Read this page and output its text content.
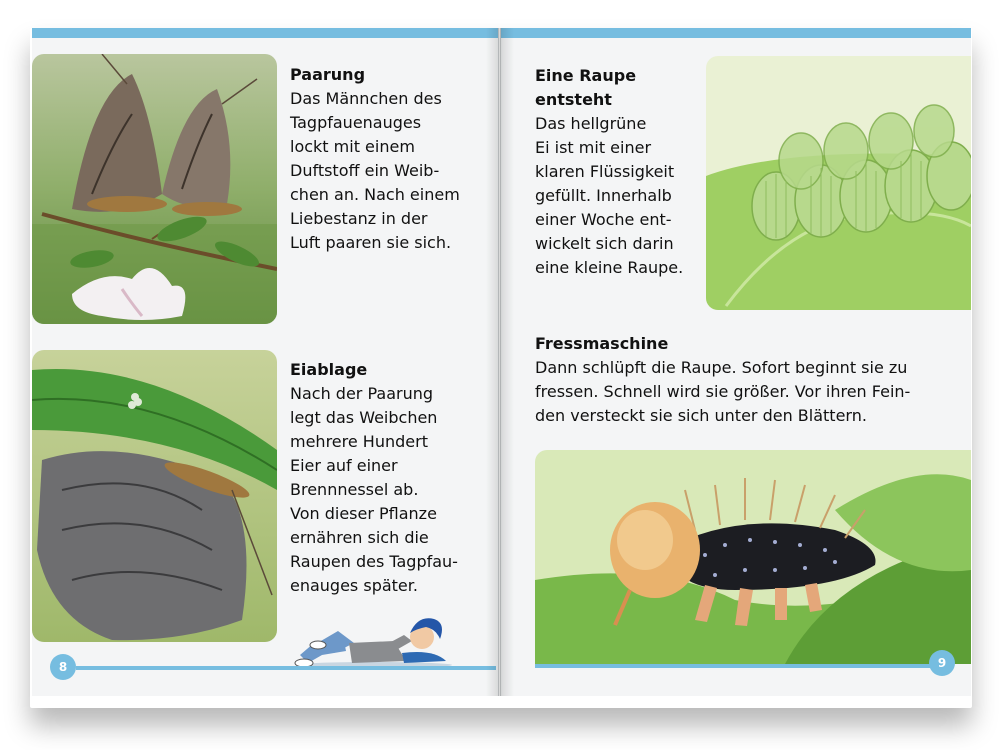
Paarung
Das Männchen des
Tagpfauenauges
lockt mit einem
Duftstoff ein Weib-
chen an. Nach einem
Liebestanz in der
Luft paaren sie sich.
Eiablage
Nach der Paarung
legt das Weibchen
mehrere Hundert
Eier auf einer
Brennnessel ab.
Von dieser Pflanze
ernähren sich die
Raupen des Tagpfau-
enauges später.
8
Eine Raupe
entsteht
Das hellgrüne
Ei ist mit einer
klaren Flüssigkeit
gefüllt. Innerhalb
einer Woche ent-
wickelt sich darin
eine kleine Raupe.
Fressmaschine
Dann schlüpft die Raupe. Sofort beginnt sie zu
fressen. Schnell wird sie größer. Vor ihren Fein-
den versteckt sie sich unter den Blättern.
9
